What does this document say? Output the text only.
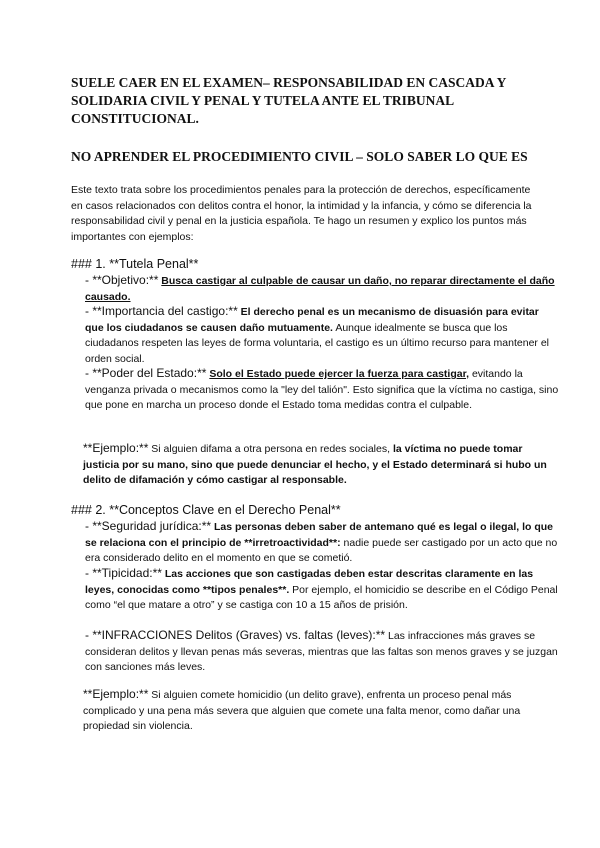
SUELE CAER EN EL EXAMEN– RESPONSABILIDAD EN CASCADA Y SOLIDARIA CIVIL Y PENAL Y TUTELA ANTE EL TRIBUNAL CONSTITUCIONAL.
NO APRENDER EL PROCEDIMIENTO CIVIL – SOLO SABER LO QUE ES
Este texto trata sobre los procedimientos penales para la protección de derechos, específicamente en casos relacionados con delitos contra el honor, la intimidad y la infancia, y cómo se diferencia la responsabilidad civil y penal en la justicia española. Te hago un resumen y explico los puntos más importantes con ejemplos:
### 1. **Tutela Penal**
- **Objetivo:** Busca castigar al culpable de causar un daño, no reparar directamente el daño causado.
- **Importancia del castigo:** El derecho penal es un mecanismo de disuasión para evitar que los ciudadanos se causen daño mutuamente. Aunque idealmente se busca que los ciudadanos respeten las leyes de forma voluntaria, el castigo es un último recurso para mantener el orden social.
- **Poder del Estado:** Solo el Estado puede ejercer la fuerza para castigar, evitando la venganza privada o mecanismos como la "ley del talión". Esto significa que la víctima no castiga, sino que pone en marcha un proceso donde el Estado toma medidas contra el culpable.
**Ejemplo:** Si alguien difama a otra persona en redes sociales, la víctima no puede tomar justicia por su mano, sino que puede denunciar el hecho, y el Estado determinará si hubo un delito de difamación y cómo castigar al responsable.
### 2. **Conceptos Clave en el Derecho Penal**
- **Seguridad jurídica:** Las personas deben saber de antemano qué es legal o ilegal, lo que se relaciona con el principio de **irretroactividad**: nadie puede ser castigado por un acto que no era considerado delito en el momento en que se cometió.
- **Tipicidad:** Las acciones que son castigadas deben estar descritas claramente en las leyes, conocidas como **tipos penales**. Por ejemplo, el homicidio se describe en el Código Penal como “el que matare a otro” y se castiga con 10 a 15 años de prisión.
- **INFRACCIONES Delitos (Graves) vs. faltas (leves):** Las infracciones más graves se consideran delitos y llevan penas más severas, mientras que las faltas son menos graves y se juzgan con sanciones más leves.
**Ejemplo:** Si alguien comete homicidio (un delito grave), enfrenta un proceso penal más complicado y una pena más severa que alguien que comete una falta menor, como dañar una propiedad sin violencia.
